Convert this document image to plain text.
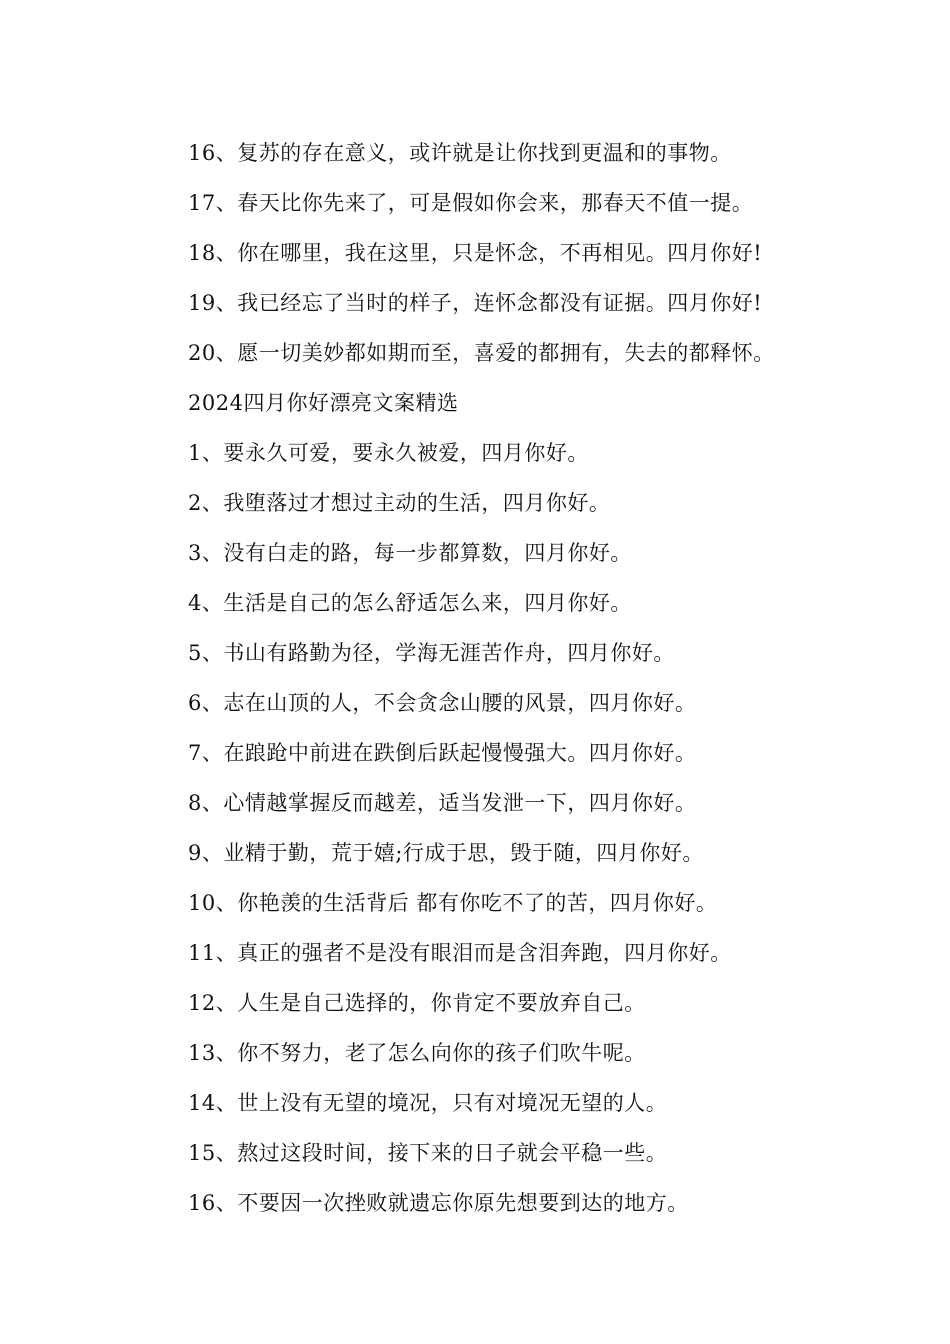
16、复苏的存在意义，或许就是让你找到更温和的事物。
17、春天比你先来了，可是假如你会来，那春天不值一提。
18、你在哪里，我在这里，只是怀念，不再相见。四月你好!
19、我已经忘了当时的样子，连怀念都没有证据。四月你好!
20、愿一切美妙都如期而至，喜爱的都拥有，失去的都释怀。
2024四月你好漂亮文案精选
1、要永久可爱，要永久被爱，四月你好。
2、我堕落过才想过主动的生活，四月你好。
3、没有白走的路，每一步都算数，四月你好。
4、生活是自己的怎么舒适怎么来，四月你好。
5、书山有路勤为径，学海无涯苦作舟，四月你好。
6、志在山顶的人，不会贪念山腰的风景，四月你好。
7、在踉跄中前进在跌倒后跃起慢慢强大。四月你好。
8、心情越掌握反而越差，适当发泄一下，四月你好。
9、业精于勤，荒于嬉;行成于思，毁于随，四月你好。
10、你艳羡的生活背后 都有你吃不了的苦，四月你好。
11、真正的强者不是没有眼泪而是含泪奔跑，四月你好。
12、人生是自己选择的，你肯定不要放弃自己。
13、你不努力，老了怎么向你的孩子们吹牛呢。
14、世上没有无望的境况，只有对境况无望的人。
15、熬过这段时间，接下来的日子就会平稳一些。
16、不要因一次挫败就遗忘你原先想要到达的地方。
